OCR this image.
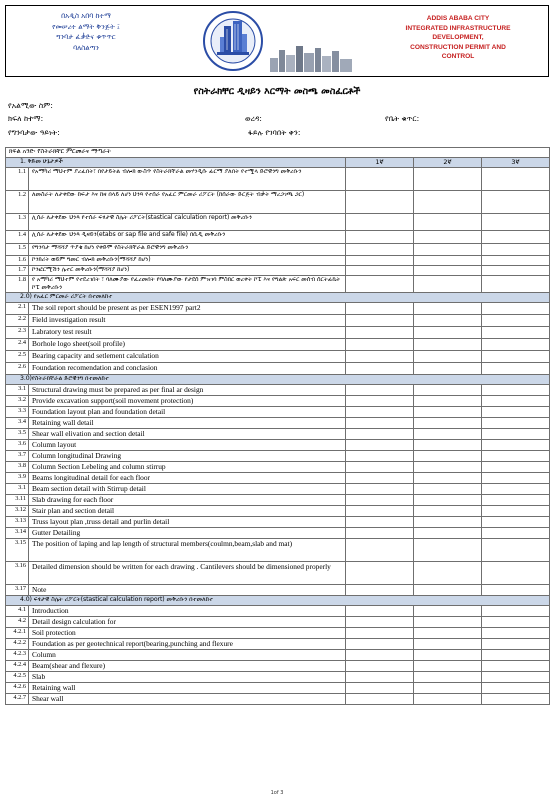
በአዲስ አበባ ከተማ
የመሠረተ ልማት ቅንጅት ፤
ግንባታ ፈቃድና ቁጥጥር
ባለስልጣን
ADDIS ABABA CITY
INTEGRATED INFRASTRUCTURE
DEVELOPMENT,
CONSTRUCTION PERMIT AND
CONTROL
የስትራክቸር ዲዛይን እርማት መስጫ መስፈርቶች
የአልሚው ስም:
ክፍለ ከተማ:	ወረዳ:	የቤት ቁጥር:
የግንባታው ዓይነት:	ፋይሉ የገባበት ቀን:
ክፍል አንድ፡ የስትራክቸር ምርመራና ማጣራት				
1. ቅድመ ሁኔታዎች		1ኛ	2ኛ	3ኛ
1.1	የአማካሪ ማህተም ያረፈበት፣ በየታይትል ብሎክ ውስጥ የስትራክቸራል መሃንዲሱ ፊርማ ያለበት የተሟላ ድሮዊንግ መቅረቡን			
1.2	ለመስራት ለታቀደው ከፍታ እና ከዛ በላይ ለሆነ ህንጻ የተሰራ የአፈር ምርመራ ሪፖርት (ከሰራው ድርጅት ብቃት ማረጋገጫ ጋር)			
1.3	ሊሰራ ለታቀደው ህንጻ የተሰራ ፍፃታዊ ስሌት ሪፖርት(stastical calculation report) መቅረቡን			
1.4	ሊሰራ ለታቀደው ህንጻ ዲዛይን(etabs or sap file and safe file) በሲዲ መቅረቡን			
1.5	የግንባታ ማሻሻያ ጥያቄ ከሆነ የቀድሞ የስትራክቸራል ድሮዊንግ መቅረቡን			
1.6	ኮንክሪት ወይም ግመር ብሎክ መቅረቡን(ማሻሻያ ከሆነ)			
1.7	ኮንፎርሚሽን ሌተር መቅረቡን(ማሻሻያ ከሆነ)			
1.8	የ አማካሪ ማህተም የተደረገበት ፣ ባለሙያው የፈረመበት የባለሙያው የታደሰ ምዝገባ ምስክር ወረቀት ኮፒ እና የግልጽ አፍር መሰብ ሰርትፊኬት ኮፒ መቅረቡን			
2.0) የአፈር ምርመራ ሪፖርት በተመለከተ				
2.1	The soil report should be present as per ESEN1997 part2			
2.2	Field investigation result			
2.3	Labratory test result			
2.4	Borhole logo sheet(soil profile)			
2.5	Bearing capacity and setlement calculation			
2.6	Foundation recomendation and conclasion			
3.0)የስትራክቸራል ድሮዊንግ በተመለከተ				
3.1	Structural drawing must be prepared as per final ar design			
3.2	Provide excavation support(soil movement protection)			
3.3	Foundation layout plan and foundation detail			
3.4	Retaining wall detail			
3.5	Shear wall elivation and section detail			
3.6	Column layout			
3.7	Column longitudinal Drawing			
3.8	Column Section Lebeling and column stirrup			
3.9	Beams longitudinal detail for each floor			
3.1	Beam section detail with Stirrup detail			
3.11	Slab drawing for each floor			
3.12	Stair plan and section detail			
3.13	Truss layout plan ,truss detail and purlin detail			
3.14	Gutter Detailing			
3.15	The position of laping and lap length of structural members(coulmn,beam,slab and mat)			
3.16	Detailed dimension should be written for each drawing . Cantilevers should be dimensioned properly			
3.17	Note			
4.0) ፍፃታዊ ስሌት ሪፖርት(stastical calculation report) መቅረቡን በተመለከተ				
4.1	Introduction			
4.2	Detail design calculation for			
4.2.1	Soil protection			
4.2.2	Foundation as per geotechnical report(bearing,punching and flexure			
4.2.3	Column			
4.2.4	Beam(shear and flexure)			
4.2.5	Slab			
4.2.6	Retaining wall			
4.2.7	Shear wall			
1of 3
